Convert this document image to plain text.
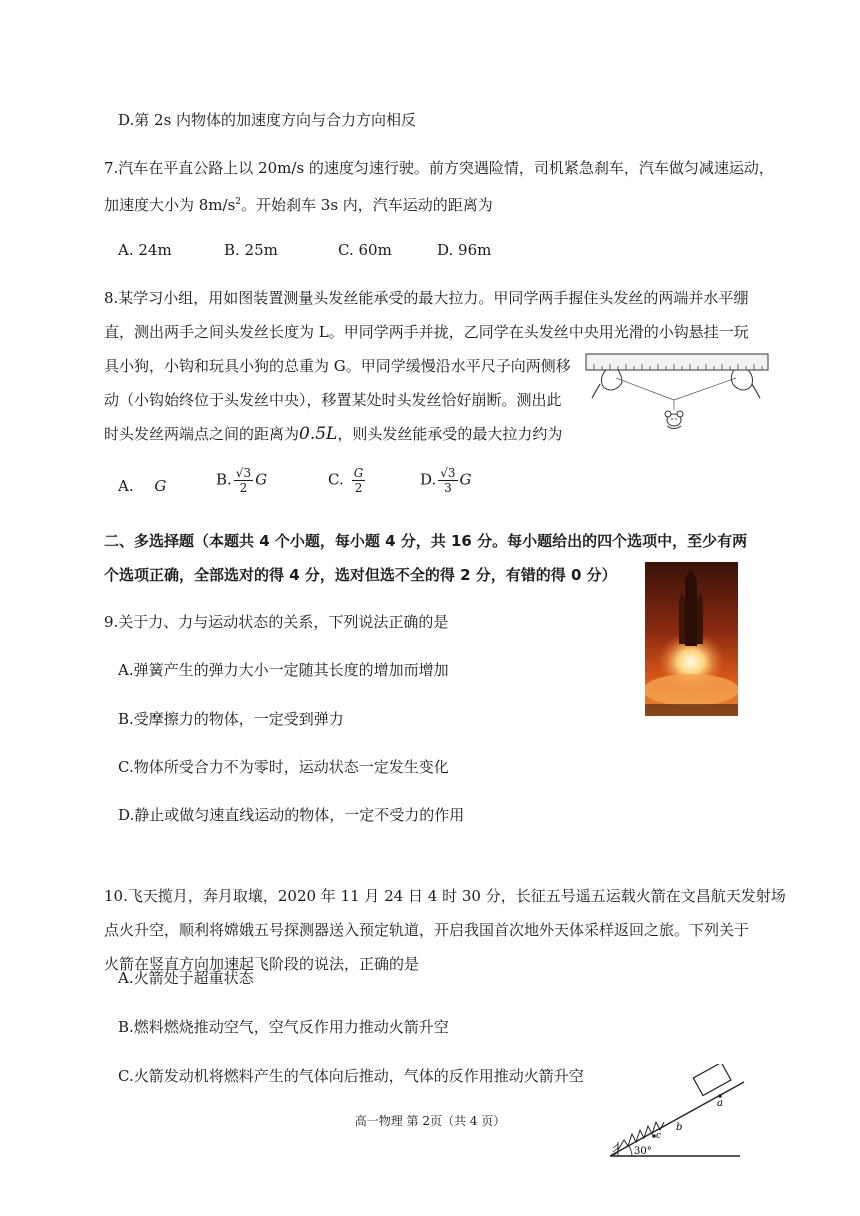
D.第 2s 内物体的加速度方向与合力方向相反
7.汽车在平直公路上以 20m/s 的速度匀速行驶。前方突遇险情，司机紧急刹车，汽车做匀减速运动，
加速度大小为 $8m/s^2$。开始刹车 3s 内，汽车运动的距离为
A. 24m	B. 25m	C. 60m	D. 96m
8.某学习小组，用如图装置测量头发丝能承受的最大拉力。甲同学两手握住头发丝的两端并水平绷
直，测出两手之间头发丝长度为 L。甲同学两手并拢，乙同学在头发丝中央用光滑的小钩悬挂一玩
具小狗，小钩和玩具小狗的总重为 G。甲同学缓慢沿水平尺子向两侧移
动（小钩始终位于头发丝中央），移置某处时头发丝恰好崩断。测出此
时头发丝两端点之间的距离为0.5L，则头发丝能承受的最大拉力约为
A. G	B. $\frac{√3}{2}$ G	C. $\frac{G}{2}$	D. $\frac{√3}{3}$ G
二、多选择题（本题共 4 个小题，每小题 4 分，共 16 分。每小题给出的四个选项中，至少有两
个选项正确，全部选对的得 4 分，选对但选不全的得 2 分，有错的得 0 分）
9.关于力、力与运动状态的关系，下列说法正确的是
A.弹簧产生的弹力大小一定随其长度的增加而增加
B.受摩擦力的物体，一定受到弹力
C.物体所受合力不为零时，运动状态一定发生变化
D.静止或做匀速直线运动的物体，一定不受力的作用
10.飞天揽月，奔月取壤，2020 年 11 月 24 日 4 时 30 分，长征五号遥五运载火箭在文昌航天发射场
点火升空，顺利将嫦娥五号探测器送入预定轨道，开启我国首次地外天体采样返回之旅。下列关于
火箭在竖直方向加速起飞阶段的说法，正确的是
A.火箭处于超重状态
B.燃料燃烧推动空气，空气反作用力推动火箭升空
C.火箭发动机将燃料产生的气体向后推动，气体的反作用推动火箭升空
c
b
a
30°
高一物理 第 2页（共 4 页）
